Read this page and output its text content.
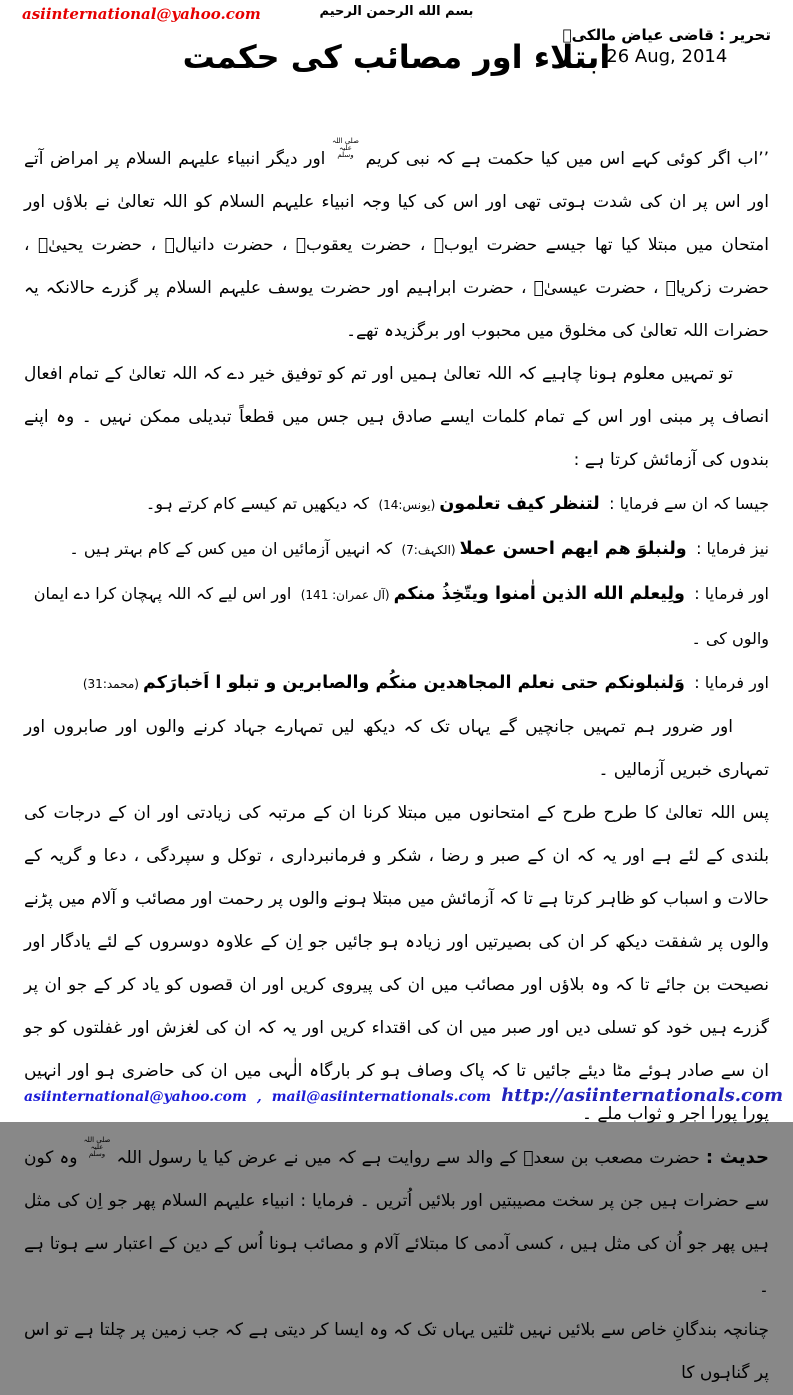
asiinternational@yahoo.com	بسم الله الرحمن الرحيم
تحریر : قاضی عیاض مالکیؒ
26 Aug, 2014
ابتلاء اور مصائب کی حکمت

’’اب اگر کوئی کہے اس میں کیا حکمت ہے کہ نبی کریم صلی اللہ علیہ وسلم اور دیگر انبیاء علیہم السلام پر امراض آتے اور اس پر ان کی شدت ہوتی تھی اور اس کی کیا وجہ انبیاء علیہم السلام کو اللہ تعالیٰ نے بلاؤں اور امتحان میں مبتلا کیا تھا جیسے حضرت ایوبؑ ، حضرت یعقوبؑ ، حضرت دانیالؑ ، حضرت یحییٰؑ ، حضرت زکریاؑ ، حضرت عیسیٰؑ ، حضرت ابراہیم اور حضرت یوسف علیہم السلام پر گزرے حالانکہ یہ حضرات اللہ تعالیٰ کی مخلوق میں محبوب اور برگزیدہ تھے۔

تو تمہیں معلوم ہونا چاہیے کہ اللہ تعالیٰ ہمیں اور تم کو توفیق خیر دے کہ اللہ تعالیٰ کے تمام افعال انصاف پر مبنی اور اس کے تمام کلمات ایسے صادق ہیں جس میں قطعاً تبدیلی ممکن نہیں ۔ وہ اپنے بندوں کی آزمائش کرتا ہے :

جیسا کہ ان سے فرمایا : لتنظر کیف تعلمون(یونس:14) کہ دیکھیں تم کیسے کام کرتے ہو۔
نیز فرمایا : ولنبلوَ هم ایهم احسن عملا(الکہف:7) کہ انہیں آزمائیں ان میں کس کے کام بہتر ہیں ۔
اور فرمایا : ولِیعلم الله الذین اٰمنوا ویتّخِذُ منکم(آل عمران: 141) اور اس لیے کہ اللہ پہچان کرا دے ایمان والوں کی ۔
اور فرمایا : وَلنبلونکم حتی نعلم المجاهدین منکُم والصابرین و تبلو ا اَخبارَکم(محمد:31)

اور ضرور ہم تمہیں جانچیں گے یہاں تک کہ دیکھ لیں تمہارے جہاد کرنے والوں اور صابروں اور تمہاری خبریں آزمالیں ۔

پس اللہ تعالیٰ کا طرح طرح کے امتحانوں میں مبتلا کرنا ان کے مرتبہ کی زیادتی اور ان کے درجات کی بلندی کے لئے ہے اور یہ کہ ان کے صبر و رضا ، شکر و فرمانبرداری ، توکل و سپردگی ، دعا و گریہ کے حالات و اسباب کو ظاہر کرتا ہے تا کہ آزمائش میں مبتلا ہونے والوں پر رحمت اور مصائب و آلام میں پڑنے والوں پر شفقت دیکھ کر ان کی بصیرتیں اور زیادہ ہو جائیں جو اِن کے علاوہ دوسروں کے لئے یادگار اور نصیحت بن جائے تا کہ وہ بلاؤں اور مصائب میں ان کی پیروی کریں اور ان قصوں کو یاد کر کے جو ان پر گزرے ہیں خود کو تسلی دیں اور صبر میں ان کی اقتداء کریں اور یہ کہ ان کی لغزش اور غفلتوں کو جو ان سے صادر ہوئے مٹا دیئے جائیں تا کہ پاک وصاف ہو کر بارگاہ الٰہی میں ان کی حاضری ہو اور انہیں پورا پورا اجر و ثواب ملے ۔

حدیث : حضرت مصعب بن سعدؓ کے والد سے روایت ہے کہ میں نے عرض کیا یا رسول اللہ صلی اللہ علیہ وسلم وہ کون سے حضرات ہیں جن پر سخت مصیبتیں اور بلائیں اُتریں ۔ فرمایا : انبیاء علیہم السلام پھر جو اِن کی مثل ہیں پھر جو اُن کی مثل ہیں ، کسی آدمی کا مبتلائے آلام و مصائب ہونا اُس کے دین کے اعتبار سے ہوتا ہے ۔

چنانچہ بندگانِ خاص سے بلائیں نہیں ٹلتیں یہاں تک کہ وہ ایسا کر دیتی ہے کہ جب زمین پر چلتا ہے تو اس پر گناہوں کا

asiinternational@yahoo.com , mail@asiinternationals.com http://asiinternationals.com
